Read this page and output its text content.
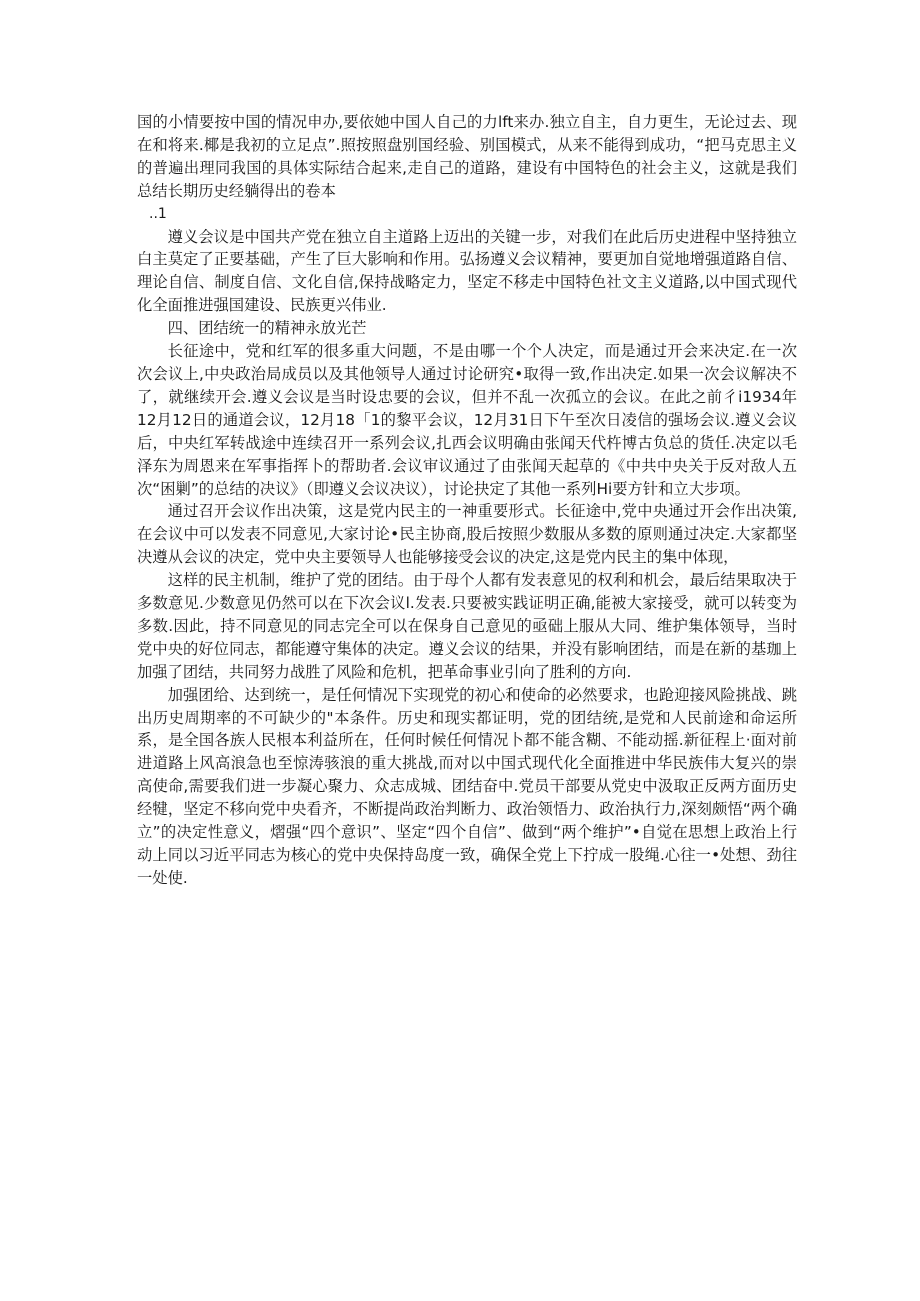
国的小情要按中国的情况申办,要依她中国人自己的力lft来办.独立自主，自力更生，无论过去、现在和将来.椰是我初的立足点”.照按照盘别国经验、别国模式，从来不能得到成功，“把马克思主义的普遍出理同我国的具体实际结合起来,走自己的道路，建设有中国特色的社会主义，这就是我们总结长期历史经躺得出的卷本

..1

遵义会议是中国共产党在独立自主道路上迈出的关键一步，对我们在此后历史进程中坚持独立白主莫定了正要基础，产生了巨大影响和作用。弘扬遵义会议精神，要更加自觉地增强道路自信、理论自信、制度自信、文化自信,保持战略定力，坚定不移走中国特色社文主义道路,以中国式现代化全面推进强国建设、民族更兴伟业.

四、团结统一的精神永放光芒

长征途中，党和红军的很多重大问题，不是由哪一个个人决定，而是通过开会来决定.在一次次会议上,中央政治局成员以及其他领导人通过讨论研究•取得一致,作出决定.如果一次会议解决不了，就继续开会.遵义会议是当时设忠要的会议，但并不乱一次孤立的会议。在此之前彳i1934年12月12日的通道会议，12月18「1的黎平会议，12月31日下午至次日凌信的强场会议.遵义会议后，中央红军转战途中连续召开一系列会议,扎西会议明确由张闻天代杵博古负总的货任.决定以毛泽东为周恩来在军事指挥卜的帮助者.会议审议通过了由张闻天起草的《中共中央关于反对敌人五次“困剿”的总结的决议》（即遵义会议决议），讨论抉定了其他一系列Hi要方针和立大步项。

通过召开会议作出决策，这是党内民主的一神重要形式。长征途中,党中央通过开会作出决策,在会议中可以发表不同意见,大家讨论•民主协商,股后按照少数服从多数的原则通过决定.大家都坚决遵从会议的决定，党中央主要领导人也能够接受会议的决定,这是党内民主的集中体现，

这样的民主机制，维护了党的团结。由于母个人都有发表意见的权利和机会，最后结果取决于多数意见.少数意见仍然可以在下次会议l.发表.只要被实践证明正确,能被大家接受，就可以转变为多数.因此，持不同意见的同志完全可以在保身自己意见的亟础上服从大同、维护集体领导，当时党中央的好位同志，都能遵守集体的决定。遵义会议的结果，并没有影响团结，而是在新的基珈上加强了团结，共同努力战胜了风险和危机，把革命事业引向了胜利的方向.

加强团给、达到统一，是任何情况下实现党的初心和使命的必然要求，也跄迎接风险挑战、跳出历史周期率的不可缺少的"本条件。历史和现实都证明，党的团结统,是党和人民前途和命运所系，是全国各族人民根本利益所在，任何时候任何情况卜都不能含糊、不能动摇.新征程上·面对前进道路上风高浪急也至惊涛骇浪的重大挑战,而对以中国式现代化全面推进中华民族伟大复兴的崇高使命,需要我们进一步凝心聚力、众志成城、团结奋中.党员干部要从党史中汲取正反两方面历史经犍，坚定不移向党中央看齐，不断提尚政治判断力、政治领悟力、政治执行力,深刻颇悟“两个确立”的决定性意义，熠强“四个意识”、坚定“四个自信”、做到“两个维护”•自觉在思想上政治上行动上同以习近平同志为核心的党中央保持岛度一致，确保全党上下拧成一股绳.心往一•处想、劲往一处使.
